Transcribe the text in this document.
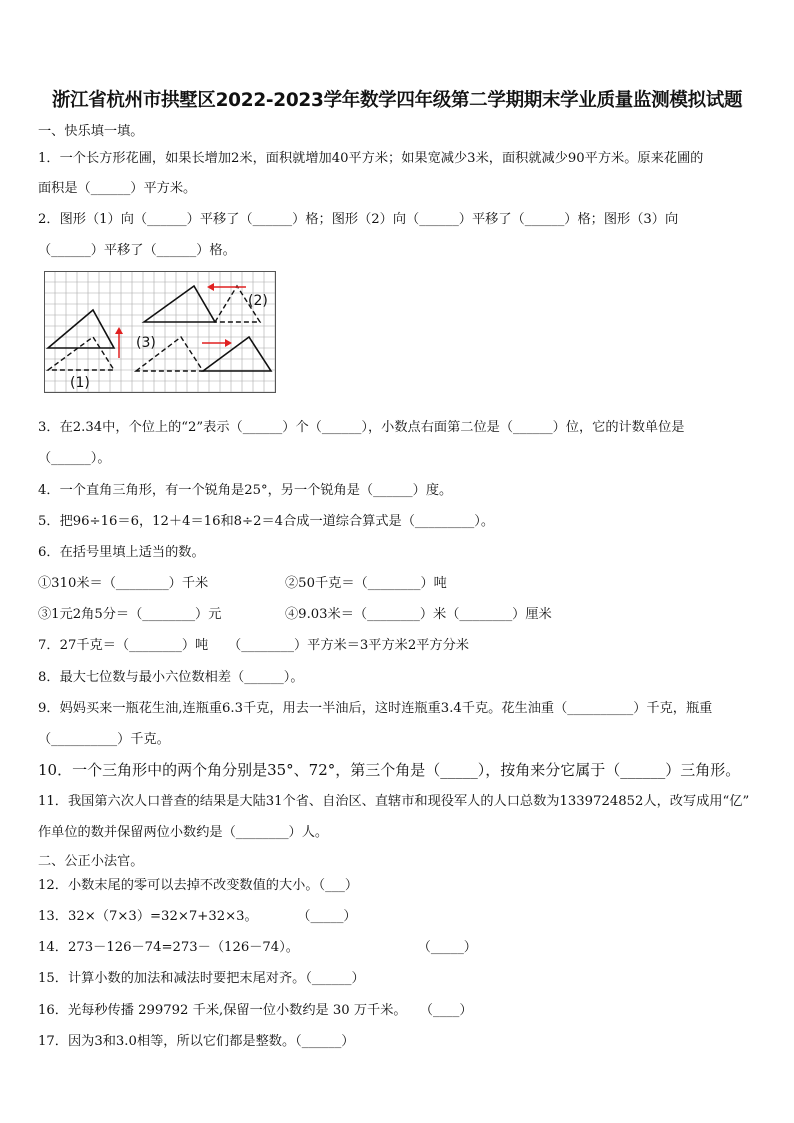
浙江省杭州市拱墅区2022-2023学年数学四年级第二学期期末学业质量监测模拟试题
一、快乐填一填。
1．一个长方形花圃，如果长增加2米，面积就增加40平方米；如果宽减少3米，面积就减少90平方米。原来花圃的
面积是（______）平方米。
2．图形（1）向（______）平移了（______）格；图形（2）向（______）平移了（______）格；图形（3）向
（______）平移了（______）格。
(1)
(2)
(3)
3．在2.34中，个位上的“2”表示（______）个（______），小数点右面第二位是（______）位，它的计数单位是
（______）。
4．一个直角三角形，有一个锐角是25°，另一个锐角是（______）度。
5．把96÷16＝6，12＋4＝16和8÷2＝4合成一道综合算式是（_________）。
6．在括号里填上适当的数。
①310米＝（________）千米	②50千克＝（________）吨
③1元2角5分＝（________）元	④9.03米＝（________）米（________）厘米
7．27千克＝（________）吨　　（________）平方米＝3平方米2平方分米
8．最大七位数与最小六位数相差（______）。
9．妈妈买来一瓶花生油,连瓶重6.3千克，用去一半油后，这时连瓶重3.4千克。花生油重（__________）千克，瓶重
（__________）千克。
10．一个三角形中的两个角分别是35°、72°，第三个角是（_____），按角来分它属于（______）三角形。
11．我国第六次人口普查的结果是大陆31个省、自治区、直辖市和现役军人的人口总数为1339724852人，改写成用“亿”
作单位的数并保留两位小数约是（________）人。
二、公正小法官。
12．小数末尾的零可以去掉不改变数值的大小。（___）
13．32×（7×3）=32×7+32×3。　　　　（_____）
14．273－126－74=273－（126－74）。　　　　　　　　　　（_____）
15．计算小数的加法和减法时要把末尾对齐。（______）
16．光每秒传播 299792 千米,保留一位小数约是 30 万千米。　　（____）
17．因为3和3.0相等，所以它们都是整数。（______）
